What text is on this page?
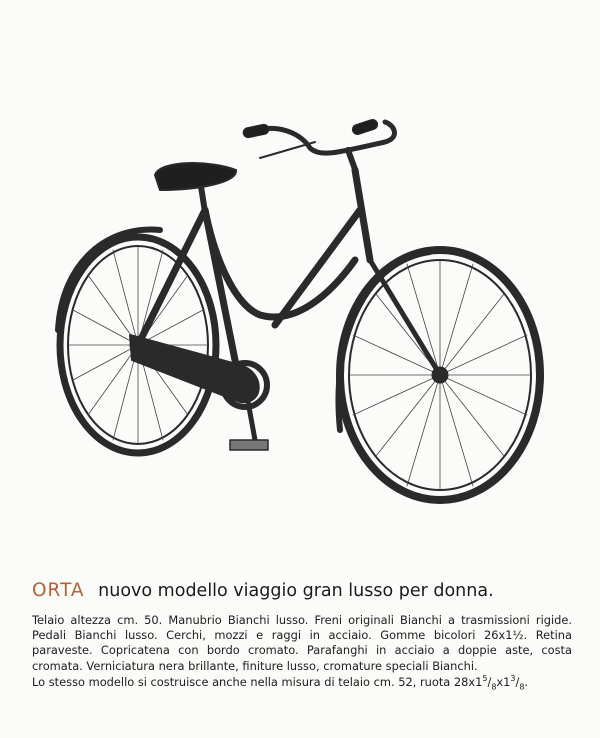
ORTA nuovo modello viaggio gran lusso per donna.

Telaio altezza cm. 50. Manubrio Bianchi lusso. Freni originali Bianchi a trasmissioni rigide. Pedali Bianchi lusso. Cerchi, mozzi e raggi in acciaio. Gomme bicolori 26x1½. Retina paraveste. Copricatena con bordo cromato. Parafanghi in acciaio a doppie aste, costa cromata. Verniciatura nera brillante, finiture lusso, cromature speciali Bianchi.

Lo stesso modello si costruisce anche nella misura di telaio cm. 52, ruota $28x1^5/_8x1^3/_8$.
